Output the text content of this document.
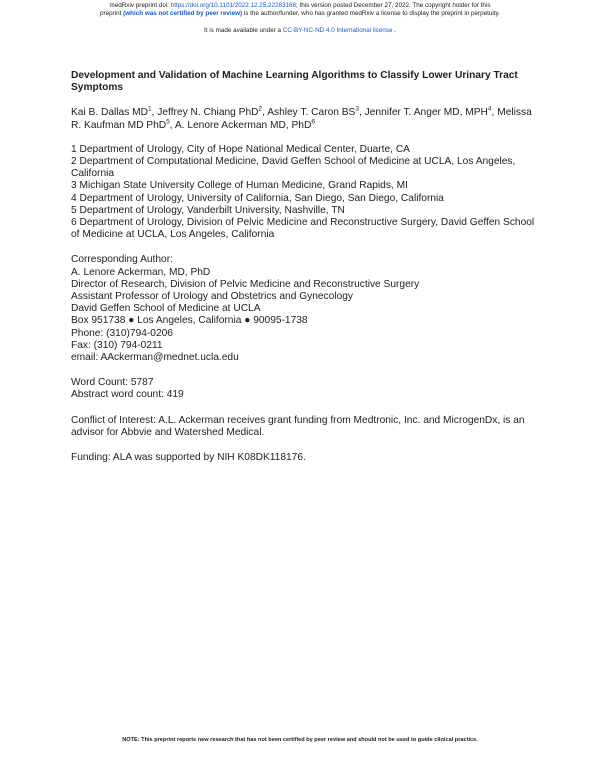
medRxiv preprint doi: https://doi.org/10.1101/2022.12.25.22283168; this version posted December 27, 2022. The copyright holder for this
preprint (which was not certified by peer review) is the author/funder, who has granted medRxiv a license to display the preprint in perpetuity.
It is made available under a CC-BY-NC-ND 4.0 International license .
Development and Validation of Machine Learning Algorithms to Classify Lower Urinary Tract Symptoms
Kai B. Dallas $MD^1$, Jeffrey N. Chiang PhD$^2$, Ashley T. Caron $BS^3$, Jennifer T. Anger MD, MPH$^4$, Melissa R. Kaufman MD PhD$^5$, A. Lenore Ackerman MD, PhD$^6$
1 Department of Urology, City of Hope National Medical Center, Duarte, CA
2 Department of Computational Medicine, David Geffen School of Medicine at UCLA, Los Angeles, California
3 Michigan State University College of Human Medicine, Grand Rapids, MI
4 Department of Urology, University of California, San Diego, San Diego, California
5 Department of Urology, Vanderbilt University, Nashville, TN
6 Department of Urology, Division of Pelvic Medicine and Reconstructive Surgery, David Geffen School of Medicine at UCLA, Los Angeles, California
Corresponding Author:
A. Lenore Ackerman, MD, PhD
Director of Research, Division of Pelvic Medicine and Reconstructive Surgery
Assistant Professor of Urology and Obstetrics and Gynecology
David Geffen School of Medicine at UCLA
Box 951738 ● Los Angeles, California ● 90095-1738
Phone: (310)794-0206
Fax: (310) 794-0211
email: AAckerman@mednet.ucla.edu
Word Count: 5787
Abstract word count: 419
Conflict of Interest: A.L. Ackerman receives grant funding from Medtronic, Inc. and MicrogenDx, is an advisor for Abbvie and Watershed Medical.
Funding: ALA was supported by NIH K08DK118176.
NOTE: This preprint reports new research that has not been certified by peer review and should not be used to guide clinical practice.
